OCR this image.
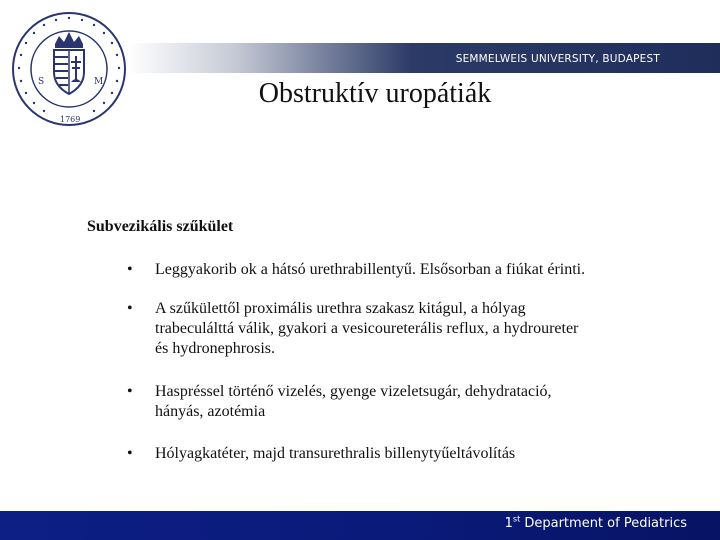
S	M
1769
SEMMELWEIS UNIVERSITY, BUDAPEST
Obstruktív uropátiák
Subvezikális szűkület
• Leggyakorib ok a hátsó urethrabillentyű. Elsősorban a fiúkat érinti.
• A szűkülettől proximális urethra szakasz kitágul, a hólyag
trabeculálttá válik, gyakori a vesicoureterális reflux, a hydroureter
és hydronephrosis.
• Haspréssel történő vizelés, gyenge vizeletsugár, dehydratació,
hányás, azotémia
• Hólyagkatéter, majd transurethralis billenytyűeltávolítás
1st Department of Pediatrics
